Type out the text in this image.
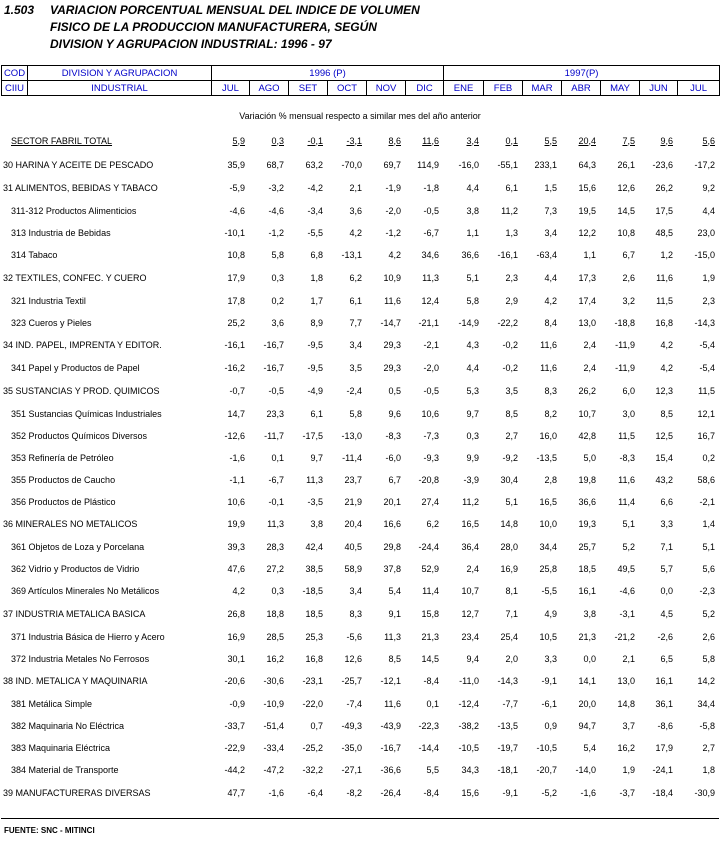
1.503 VARIACION PORCENTUAL MENSUAL DEL INDICE DE VOLUMEN
FISICO DE LA PRODUCCION MANUFACTURERA, SEGÚN
DIVISION Y AGRUPACION INDUSTRIAL: 1996 - 97
COD	DIVISION Y AGRUPACION	1996 (P)						1997(P)						
CIIU	INDUSTRIAL	JUL	AGO	SET	OCT	NOV	DIC	ENE	FEB	MAR	ABR	MAY	JUN	JUL
Variación % mensual respecto a similar mes del año anterior
SECTOR FABRIL TOTAL	5,9	0,3	-0,1	-3,1	8,6	11,6	3,4	0,1	5,5	20,4	7,5	9,6	5,6
30 HARINA Y ACEITE DE PESCADO	35,9	68,7	63,2	-70,0	69,7	114,9	-16,0	-55,1	233,1	64,3	26,1	-23,6	-17,2
31 ALIMENTOS, BEBIDAS Y TABACO	-5,9	-3,2	-4,2	2,1	-1,9	-1,8	4,4	6,1	1,5	15,6	12,6	26,2	9,2
311-312 Productos Alimenticios	-4,6	-4,6	-3,4	3,6	-2,0	-0,5	3,8	11,2	7,3	19,5	14,5	17,5	4,4
313 Industria de Bebidas	-10,1	-1,2	-5,5	4,2	-1,2	-6,7	1,1	1,3	3,4	12,2	10,8	48,5	23,0
314 Tabaco	10,8	5,8	6,8	-13,1	4,2	34,6	36,6	-16,1	-63,4	1,1	6,7	1,2	-15,0
32 TEXTILES, CONFEC. Y CUERO	17,9	0,3	1,8	6,2	10,9	11,3	5,1	2,3	4,4	17,3	2,6	11,6	1,9
321 Industria Textil	17,8	0,2	1,7	6,1	11,6	12,4	5,8	2,9	4,2	17,4	3,2	11,5	2,3
323 Cueros y Pieles	25,2	3,6	8,9	7,7	-14,7	-21,1	-14,9	-22,2	8,4	13,0	-18,8	16,8	-14,3
34 IND. PAPEL, IMPRENTA Y EDITOR.	-16,1	-16,7	-9,5	3,4	29,3	-2,1	4,3	-0,2	11,6	2,4	-11,9	4,2	-5,4
341 Papel y Productos de Papel	-16,2	-16,7	-9,5	3,5	29,3	-2,0	4,4	-0,2	11,6	2,4	-11,9	4,2	-5,4
35 SUSTANCIAS Y PROD. QUIMICOS	-0,7	-0,5	-4,9	-2,4	0,5	-0,5	5,3	3,5	8,3	26,2	6,0	12,3	11,5
351 Sustancias Químicas Industriales	14,7	23,3	6,1	5,8	9,6	10,6	9,7	8,5	8,2	10,7	3,0	8,5	12,1
352 Productos Químicos Diversos	-12,6	-11,7	-17,5	-13,0	-8,3	-7,3	0,3	2,7	16,0	42,8	11,5	12,5	16,7
353 Refinería de Petróleo	-1,6	0,1	9,7	-11,4	-6,0	-9,3	9,9	-9,2	-13,5	5,0	-8,3	15,4	0,2
355 Productos de Caucho	-1,1	-6,7	11,3	23,7	6,7	-20,8	-3,9	30,4	2,8	19,8	11,6	43,2	58,6
356 Productos de Plástico	10,6	-0,1	-3,5	21,9	20,1	27,4	11,2	5,1	16,5	36,6	11,4	6,6	-2,1
36 MINERALES NO METALICOS	19,9	11,3	3,8	20,4	16,6	6,2	16,5	14,8	10,0	19,3	5,1	3,3	1,4
361 Objetos de Loza y Porcelana	39,3	28,3	42,4	40,5	29,8	-24,4	36,4	28,0	34,4	25,7	5,2	7,1	5,1
362 Vidrio y Productos de Vidrio	47,6	27,2	38,5	58,9	37,8	52,9	2,4	16,9	25,8	18,5	49,5	5,7	5,6
369 Artículos Minerales No Metálicos	4,2	0,3	-18,5	3,4	5,4	11,4	10,7	8,1	-5,5	16,1	-4,6	0,0	-2,3
37 INDUSTRIA METALICA BASICA	26,8	18,8	18,5	8,3	9,1	15,8	12,7	7,1	4,9	3,8	-3,1	4,5	5,2
371 Industria Básica de Hierro y Acero	16,9	28,5	25,3	-5,6	11,3	21,3	23,4	25,4	10,5	21,3	-21,2	-2,6	2,6
372 Industria Metales No Ferrosos	30,1	16,2	16,8	12,6	8,5	14,5	9,4	2,0	3,3	0,0	2,1	6,5	5,8
38 IND. METALICA Y MAQUINARIA	-20,6	-30,6	-23,1	-25,7	-12,1	-8,4	-11,0	-14,3	-9,1	14,1	13,0	16,1	14,2
381 Metálica Simple	-0,9	-10,9	-22,0	-7,4	11,6	0,1	-12,4	-7,7	-6,1	20,0	14,8	36,1	34,4
382 Maquinaria No Eléctrica	-33,7	-51,4	0,7	-49,3	-43,9	-22,3	-38,2	-13,5	0,9	94,7	3,7	-8,6	-5,8
383 Maquinaria Eléctrica	-22,9	-33,4	-25,2	-35,0	-16,7	-14,4	-10,5	-19,7	-10,5	5,4	16,2	17,9	2,7
384 Material de Transporte	-44,2	-47,2	-32,2	-27,1	-36,6	5,5	34,3	-18,1	-20,7	-14,0	1,9	-24,1	1,8
39 MANUFACTURERAS DIVERSAS	47,7	-1,6	-6,4	-8,2	-26,4	-8,4	15,6	-9,1	-5,2	-1,6	-3,7	-18,4	-30,9
FUENTE: SNC - MITINCI
